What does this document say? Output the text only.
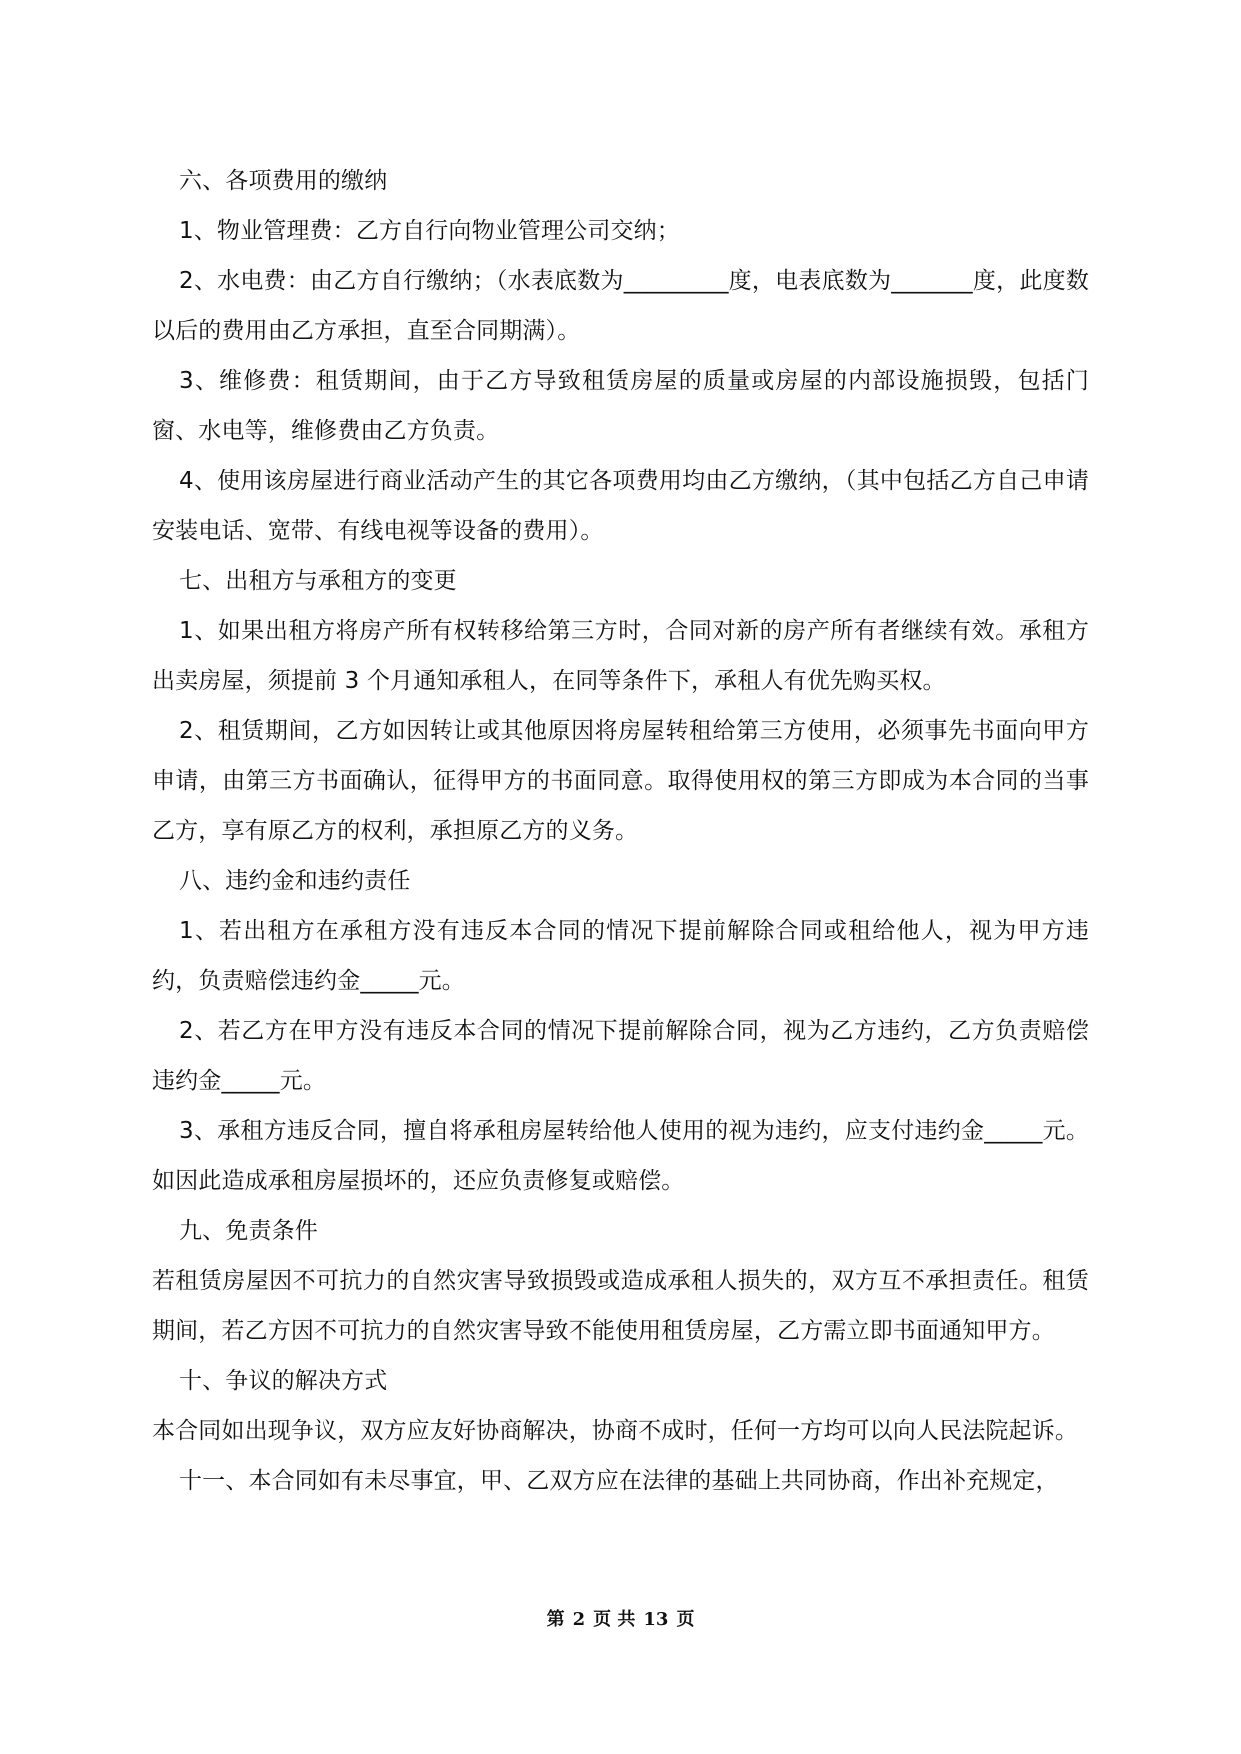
六、各项费用的缴纳

1、物业管理费：乙方自行向物业管理公司交纳；

2、水电费：由乙方自行缴纳；（水表底数为_________度，电表底数为_______度，此度数以后的费用由乙方承担，直至合同期满）。

3、维修费：租赁期间，由于乙方导致租赁房屋的质量或房屋的内部设施损毁，包括门窗、水电等，维修费由乙方负责。

4、使用该房屋进行商业活动产生的其它各项费用均由乙方缴纳，（其中包括乙方自己申请安装电话、宽带、有线电视等设备的费用）。

七、出租方与承租方的变更

1、如果出租方将房产所有权转移给第三方时，合同对新的房产所有者继续有效。承租方出卖房屋，须提前 3 个月通知承租人，在同等条件下，承租人有优先购买权。

2、租赁期间，乙方如因转让或其他原因将房屋转租给第三方使用，必须事先书面向甲方申请，由第三方书面确认，征得甲方的书面同意。取得使用权的第三方即成为本合同的当事乙方，享有原乙方的权利，承担原乙方的义务。

八、违约金和违约责任

1、若出租方在承租方没有违反本合同的情况下提前解除合同或租给他人，视为甲方违约，负责赔偿违约金_____元。

2、若乙方在甲方没有违反本合同的情况下提前解除合同，视为乙方违约，乙方负责赔偿违约金_____元。

3、承租方违反合同，擅自将承租房屋转给他人使用的视为违约，应支付违约金_____元。如因此造成承租房屋损坏的，还应负责修复或赔偿。

九、免责条件

若租赁房屋因不可抗力的自然灾害导致损毁或造成承租人损失的，双方互不承担责任。租赁期间，若乙方因不可抗力的自然灾害导致不能使用租赁房屋，乙方需立即书面通知甲方。

十、争议的解决方式

本合同如出现争议，双方应友好协商解决，协商不成时，任何一方均可以向人民法院起诉。

十一、本合同如有未尽事宜，甲、乙双方应在法律的基础上共同协商，作出补充规定，

第 2 页 共 13 页
